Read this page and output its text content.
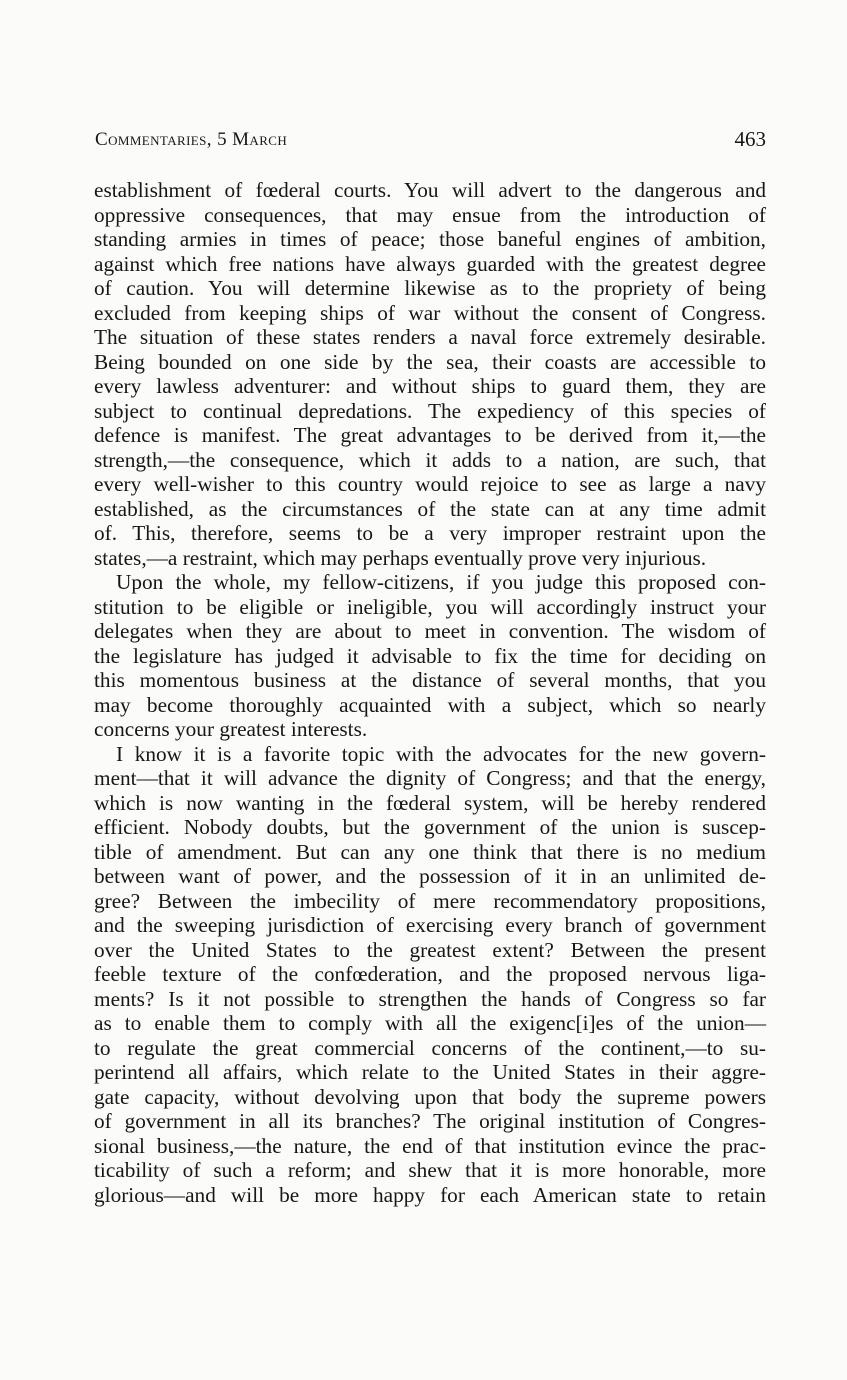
Commentaries, 5 March	463
establishment of fœderal courts. You will advert to the dangerous and
oppressive consequences, that may ensue from the introduction of
standing armies in times of peace; those baneful engines of ambition,
against which free nations have always guarded with the greatest degree
of caution. You will determine likewise as to the propriety of being
excluded from keeping ships of war without the consent of Congress.
The situation of these states renders a naval force extremely desirable.
Being bounded on one side by the sea, their coasts are accessible to
every lawless adventurer: and without ships to guard them, they are
subject to continual depredations. The expediency of this species of
defence is manifest. The great advantages to be derived from it,—the
strength,—the consequence, which it adds to a nation, are such, that
every well-wisher to this country would rejoice to see as large a navy
established, as the circumstances of the state can at any time admit
of. This, therefore, seems to be a very improper restraint upon the
states,—a restraint, which may perhaps eventually prove very injurious.
Upon the whole, my fellow-citizens, if you judge this proposed con-
stitution to be eligible or ineligible, you will accordingly instruct your
delegates when they are about to meet in convention. The wisdom of
the legislature has judged it advisable to fix the time for deciding on
this momentous business at the distance of several months, that you
may become thoroughly acquainted with a subject, which so nearly
concerns your greatest interests.
I know it is a favorite topic with the advocates for the new govern-
ment—that it will advance the dignity of Congress; and that the energy,
which is now wanting in the fœderal system, will be hereby rendered
efficient. Nobody doubts, but the government of the union is suscep-
tible of amendment. But can any one think that there is no medium
between want of power, and the possession of it in an unlimited de-
gree? Between the imbecility of mere recommendatory propositions,
and the sweeping jurisdiction of exercising every branch of government
over the United States to the greatest extent? Between the present
feeble texture of the confœderation, and the proposed nervous liga-
ments? Is it not possible to strengthen the hands of Congress so far
as to enable them to comply with all the exigenc[i]es of the union—
to regulate the great commercial concerns of the continent,—to su-
perintend all affairs, which relate to the United States in their aggre-
gate capacity, without devolving upon that body the supreme powers
of government in all its branches? The original institution of Congres-
sional business,—the nature, the end of that institution evince the prac-
ticability of such a reform; and shew that it is more honorable, more
glorious—and will be more happy for each American state to retain
